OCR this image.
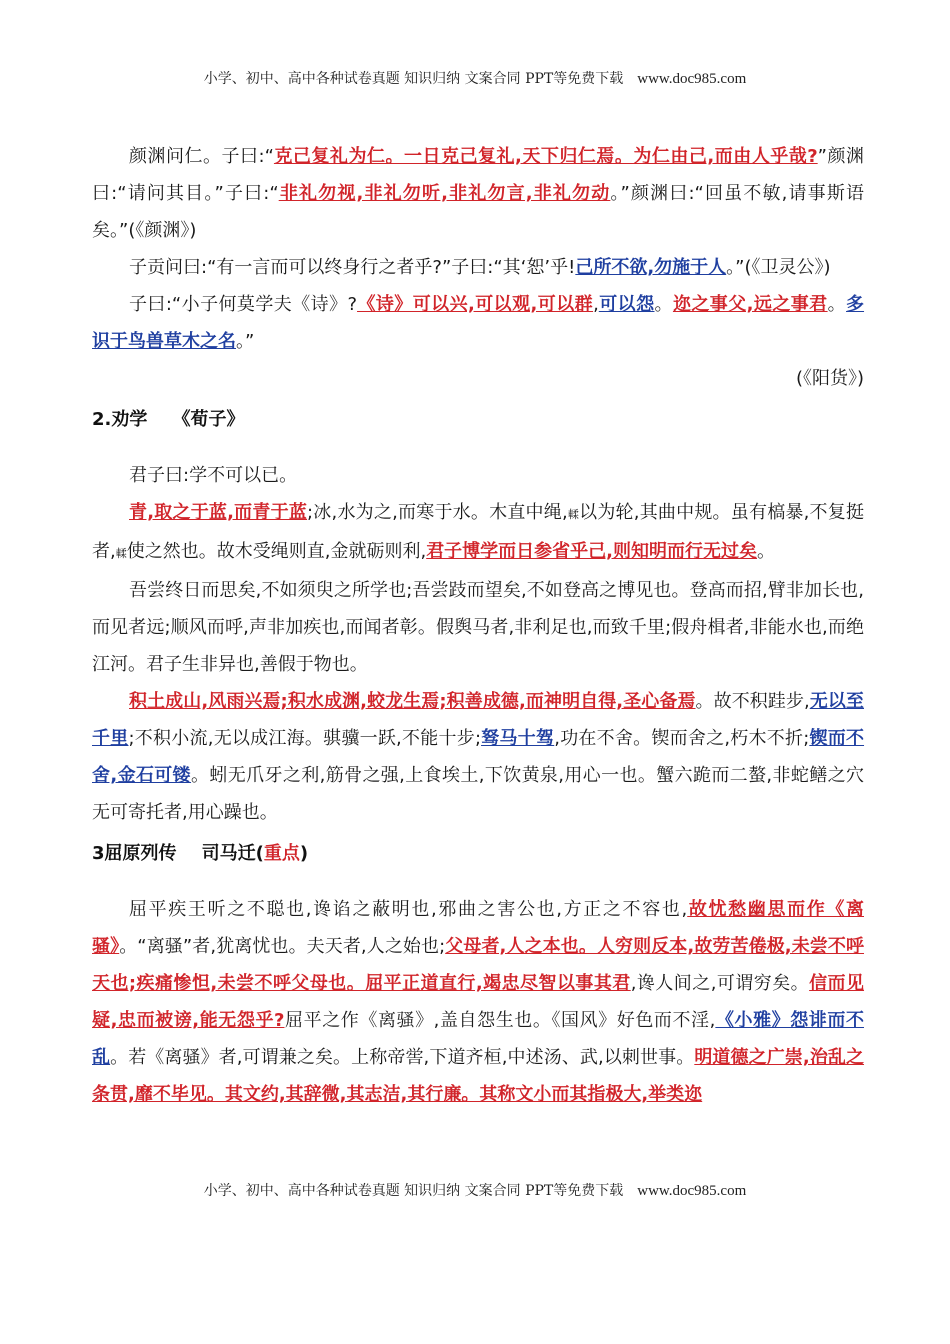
小学、初中、高中各种试卷真题 知识归纳 文案合同 PPT等免费下载 www.doc985.com

颜渊问仁。子曰:“克己复礼为仁。一日克己复礼,天下归仁焉。为仁由己,而由人乎哉?”颜渊曰:“请问其目。”子曰:“非礼勿视,非礼勿听,非礼勿言,非礼勿动。”颜渊曰:“回虽不敏,请事斯语矣。”(《颜渊》)

子贡问曰:“有一言而可以终身行之者乎?”子曰:“其‘恕’乎!己所不欲,勿施于人。”(《卫灵公》)

子曰:“小子何莫学夫《诗》?《诗》可以兴,可以观,可以群,可以怨。迩之事父,远之事君。多识于鸟兽草木之名。”

(《阳货》)

2.劝学 《荀子》

君子曰:学不可以已。

青,取之于蓝,而青于蓝;冰,水为之,而寒于水。木直中绳,輮以为轮,其曲中规。虽有槁暴,不复挺者,輮使之然也。故木受绳则直,金就砺则利,君子博学而日参省乎己,则知明而行无过矣。

吾尝终日而思矣,不如须臾之所学也;吾尝跂而望矣,不如登高之博见也。登高而招,臂非加长也,而见者远;顺风而呼,声非加疾也,而闻者彰。假舆马者,非利足也,而致千里;假舟楫者,非能水也,而绝江河。君子生非异也,善假于物也。

积土成山,风雨兴焉;积水成渊,蛟龙生焉;积善成德,而神明自得,圣心备焉。故不积跬步,无以至千里;不积小流,无以成江海。骐骥一跃,不能十步;驽马十驾,功在不舍。锲而舍之,朽木不折;锲而不舍,金石可镂。蚓无爪牙之利,筋骨之强,上食埃土,下饮黄泉,用心一也。蟹六跪而二螯,非蛇鳝之穴无可寄托者,用心躁也。

3屈原列传 司马迁(重点)

屈平疾王听之不聪也,谗谄之蔽明也,邪曲之害公也,方正之不容也,故忧愁幽思而作《离骚》。“离骚”者,犹离忧也。夫天者,人之始也;父母者,人之本也。人穷则反本,故劳苦倦极,未尝不呼天也;疾痛惨怛,未尝不呼父母也。屈平正道直行,竭忠尽智以事其君,谗人间之,可谓穷矣。信而见疑,忠而被谤,能无怨乎?屈平之作《离骚》,盖自怨生也。《国风》好色而不淫,《小雅》怨诽而不乱。若《离骚》者,可谓兼之矣。上称帝喾,下道齐桓,中述汤、武,以刺世事。明道德之广崇,治乱之条贯,靡不毕见。其文约,其辞微,其志洁,其行廉。其称文小而其指极大,举类迩

小学、初中、高中各种试卷真题 知识归纳 文案合同 PPT等免费下载 www.doc985.com
